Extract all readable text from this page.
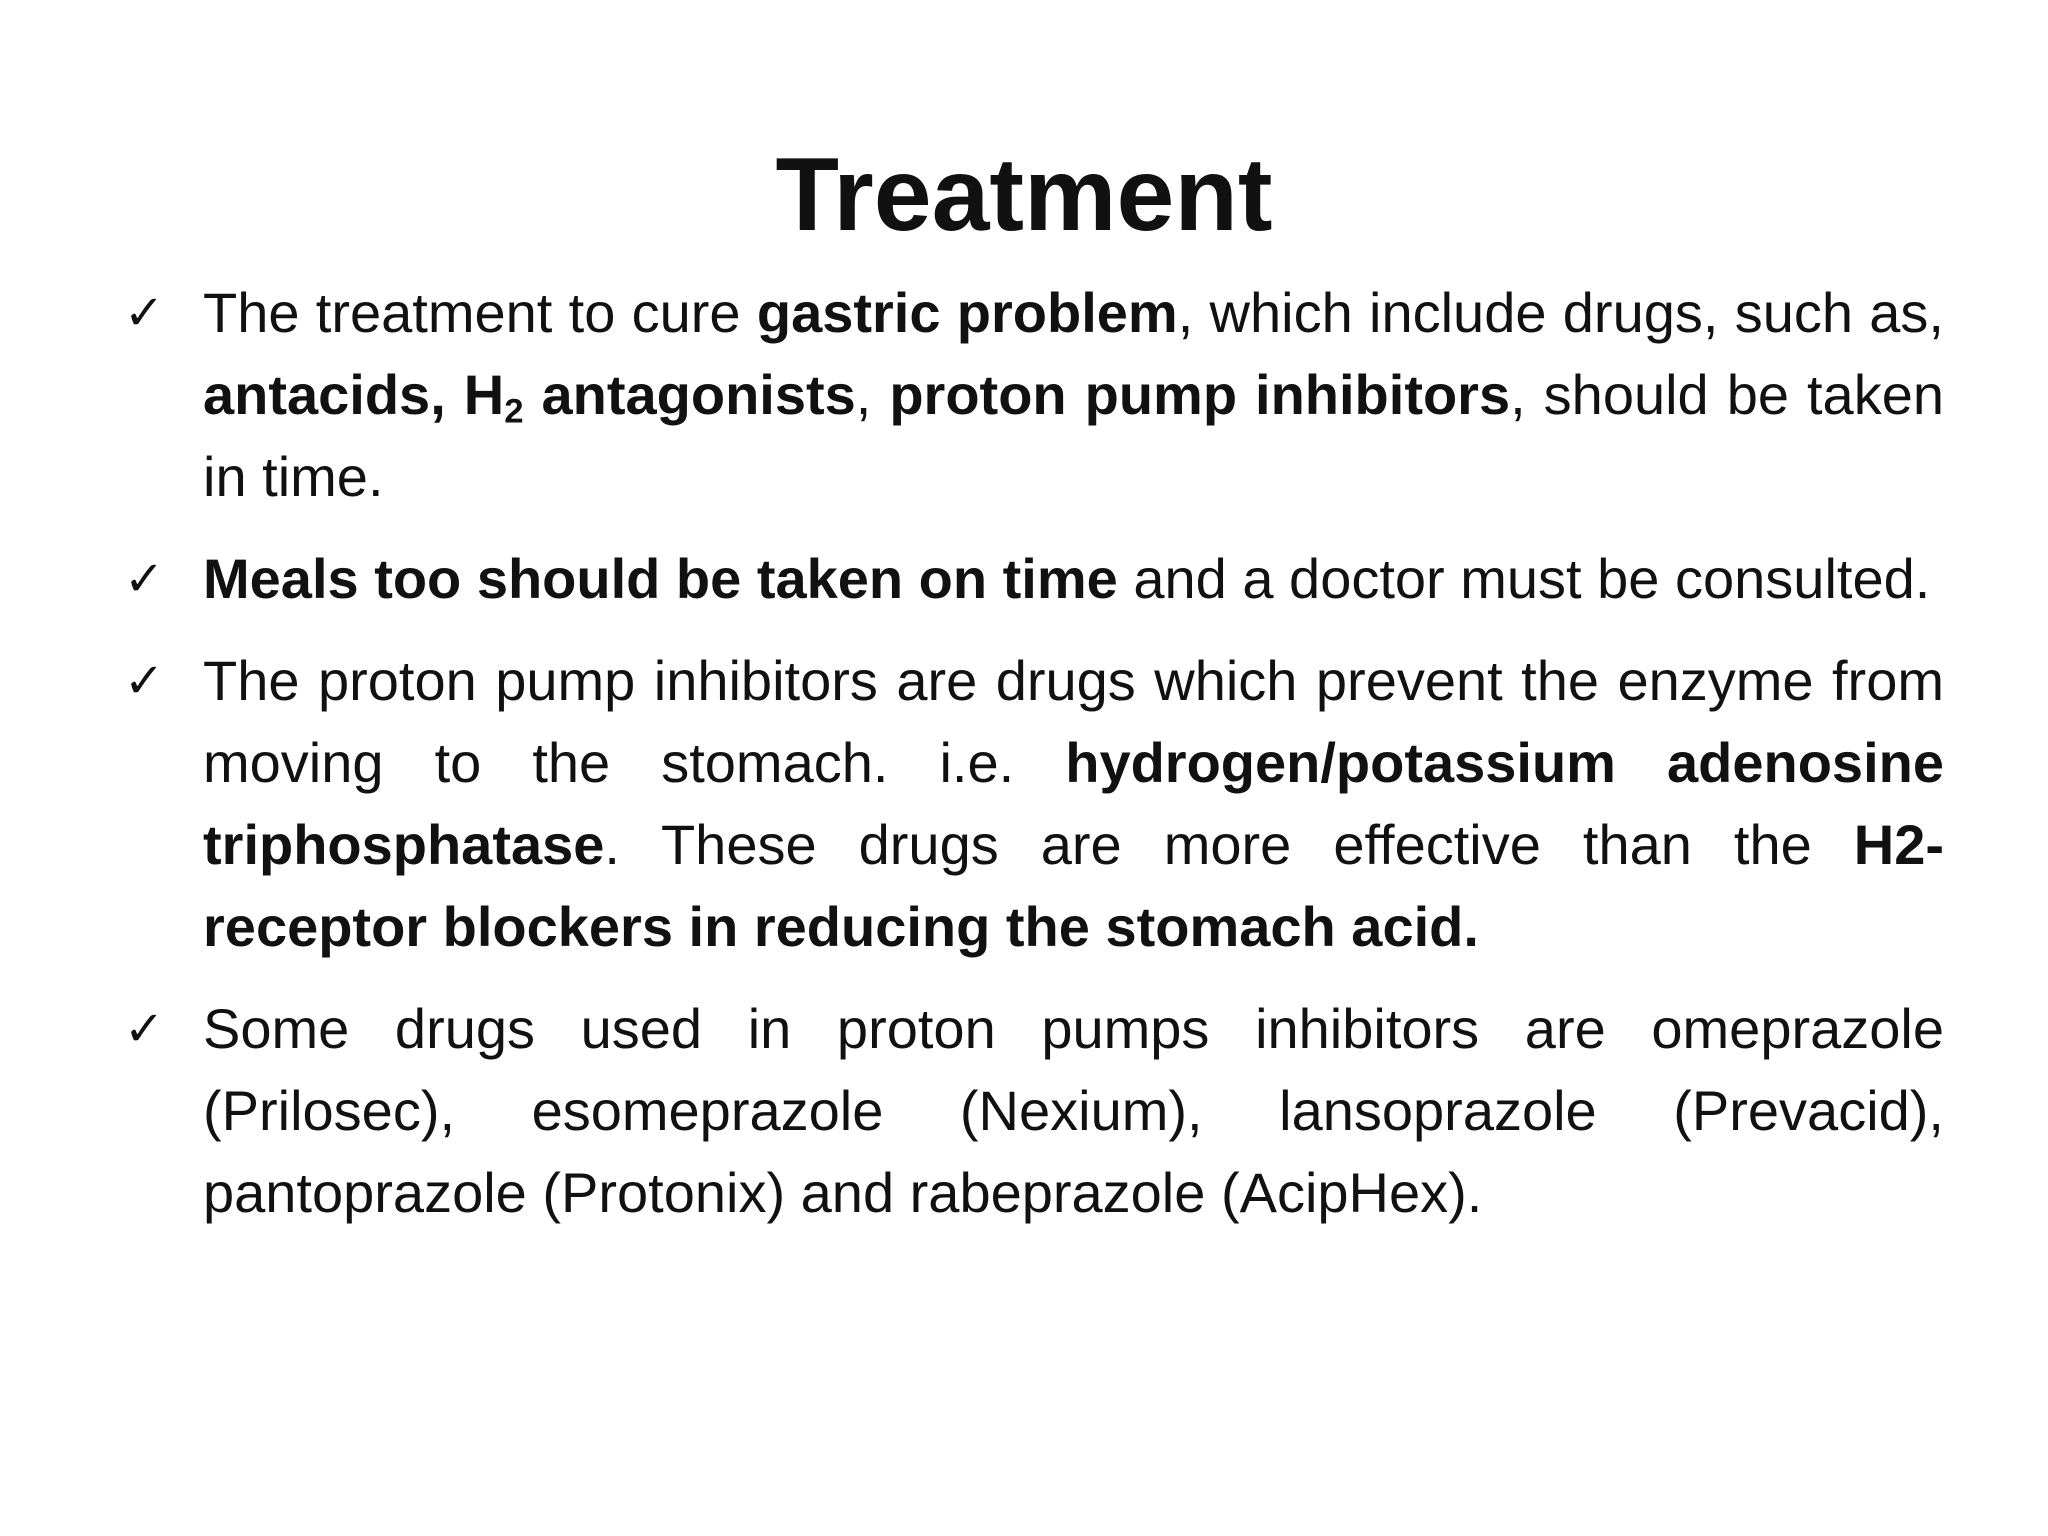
Treatment
✓ The treatment to cure gastric problem, which include drugs, such as, antacids, $H_2$ antagonists, proton pump inhibitors, should be taken in time.
✓ Meals too should be taken on time and a doctor must be consulted.
✓ The proton pump inhibitors are drugs which prevent the enzyme from moving to the stomach. i.e. hydrogen/potassium adenosine triphosphatase. These drugs are more effective than the H2-receptor blockers in reducing the stomach acid.
✓ Some drugs used in proton pumps inhibitors are omeprazole (Prilosec), esomeprazole (Nexium), lansoprazole (Prevacid), pantoprazole (Protonix) and rabeprazole (AcipHex).
